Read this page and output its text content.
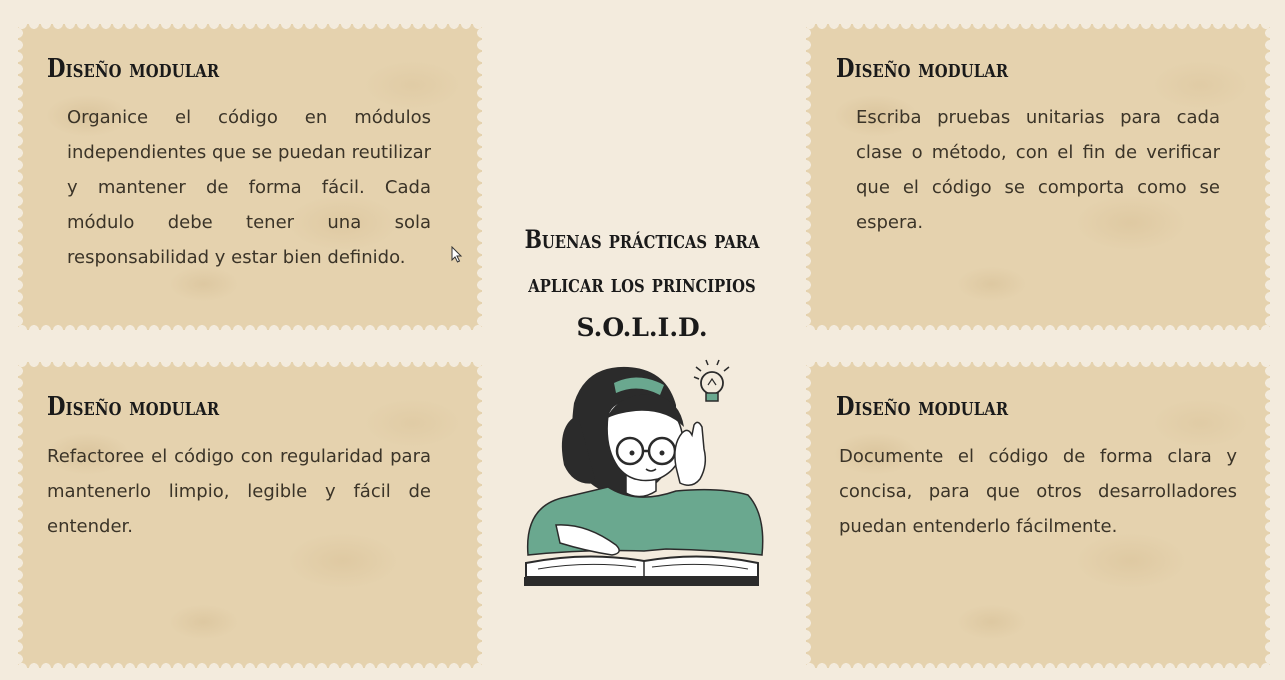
Diseño modular

Organice el código en módulos independientes que se puedan reutilizar y mantener de forma fácil. Cada módulo debe tener una sola responsabilidad y estar bien definido.

Diseño modular

Escriba pruebas unitarias para cada clase o método, con el fin de verificar que el código se comporta como se espera.

Diseño modular

Refactoree el código con regularidad para mantenerlo limpio, legible y fácil de entender.

Diseño modular

Documente el código de forma clara y concisa, para que otros desarrolladores puedan entenderlo fácilmente.

Buenas prácticas para
aplicar los principios
S.O.L.I.D.
